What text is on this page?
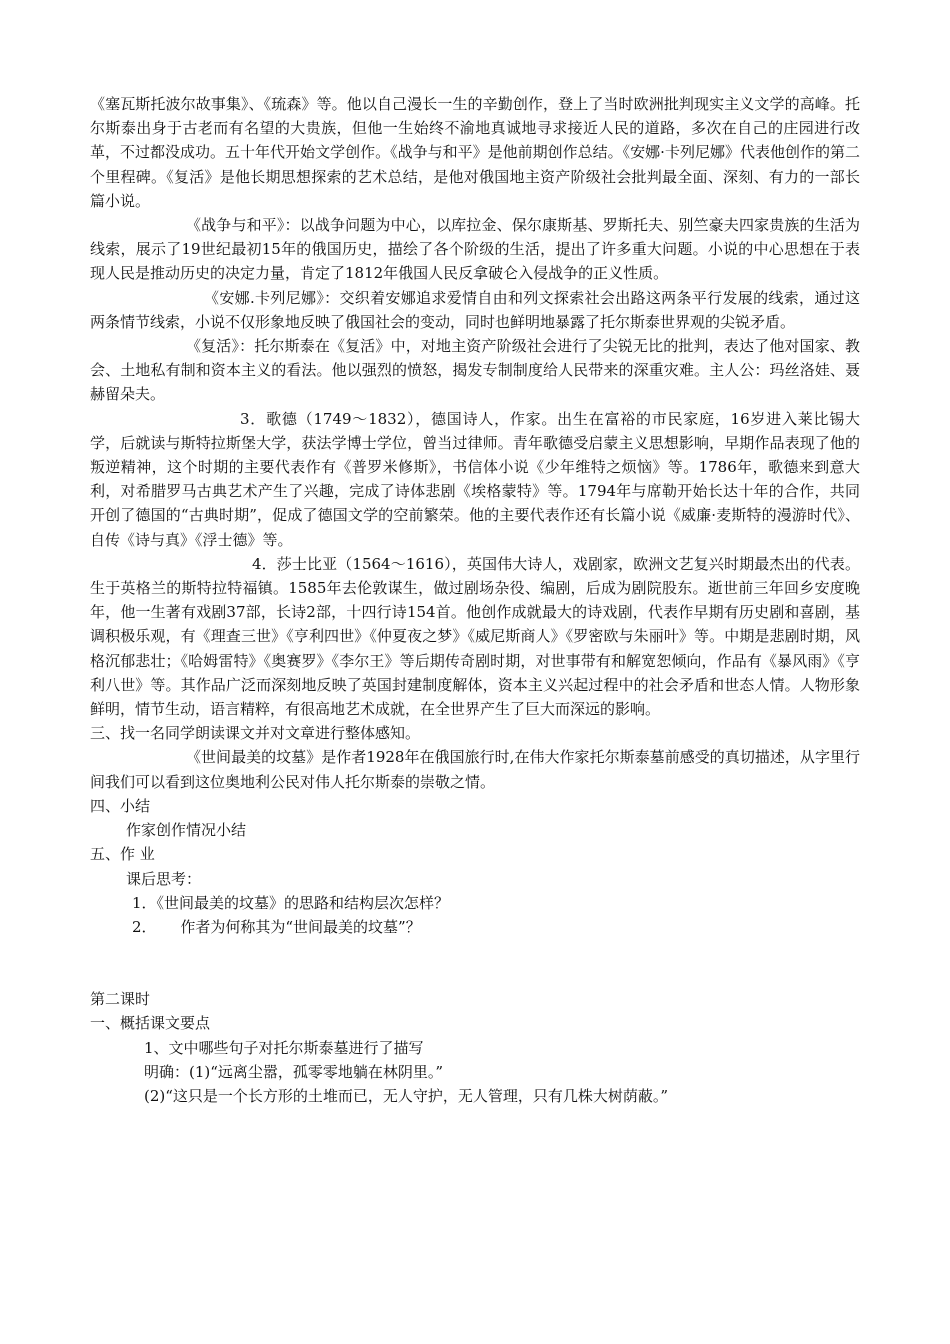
《塞瓦斯托波尔故事集》、《琉森》等。他以自己漫长一生的辛勤创作，登上了当时欧洲批判现实主义文学的高峰。托尔斯泰出身于古老而有名望的大贵族，但他一生始终不渝地真诚地寻求接近人民的道路，多次在自己的庄园进行改革，不过都没成功。五十年代开始文学创作。《战争与和平》是他前期创作总结。《安娜·卡列尼娜》代表他创作的第二个里程碑。《复活》是他长期思想探索的艺术总结，是他对俄国地主资产阶级社会批判最全面、深刻、有力的一部长篇小说。

《战争与和平》：以战争问题为中心，以库拉金、保尔康斯基、罗斯托夫、别竺豪夫四家贵族的生活为线索，展示了19世纪最初15年的俄国历史，描绘了各个阶级的生活，提出了许多重大问题。小说的中心思想在于表现人民是推动历史的决定力量，肯定了1812年俄国人民反拿破仑入侵战争的正义性质。

《安娜.卡列尼娜》：交织着安娜追求爱情自由和列文探索社会出路这两条平行发展的线索，通过这两条情节线索，小说不仅形象地反映了俄国社会的变动，同时也鲜明地暴露了托尔斯泰世界观的尖锐矛盾。

《复活》：托尔斯泰在《复活》中，对地主资产阶级社会进行了尖锐无比的批判，表达了他对国家、教会、土地私有制和资本主义的看法。他以强烈的愤怒，揭发专制制度给人民带来的深重灾难。主人公：玛丝洛娃、聂赫留朵夫。

3．歌德（1749～1832），德国诗人，作家。出生在富裕的市民家庭，16岁进入莱比锡大学，后就读与斯特拉斯堡大学，获法学博士学位，曾当过律师。青年歌德受启蒙主义思想影响，早期作品表现了他的叛逆精神，这个时期的主要代表作有《普罗米修斯》，书信体小说《少年维特之烦恼》等。1786年，歌德来到意大利，对希腊罗马古典艺术产生了兴趣，完成了诗体悲剧《埃格蒙特》等。1794年与席勒开始长达十年的合作，共同开创了德国的“古典时期”，促成了德国文学的空前繁荣。他的主要代表作还有长篇小说《威廉·麦斯特的漫游时代》、自传《诗与真》《浮士德》等。

4．莎士比亚（1564～1616），英国伟大诗人，戏剧家，欧洲文艺复兴时期最杰出的代表。生于英格兰的斯特拉特福镇。1585年去伦敦谋生，做过剧场杂役、编剧，后成为剧院股东。逝世前三年回乡安度晚年，他一生著有戏剧37部，长诗2部，十四行诗154首。他创作成就最大的诗戏剧，代表作早期有历史剧和喜剧，基调积极乐观，有《理查三世》《亨利四世》《仲夏夜之梦》《威尼斯商人》《罗密欧与朱丽叶》等。中期是悲剧时期，风格沉郁悲壮；《哈姆雷特》《奥赛罗》《李尔王》等后期传奇剧时期，对世事带有和解宽恕倾向，作品有《暴风雨》《亨利八世》等。其作品广泛而深刻地反映了英国封建制度解体，资本主义兴起过程中的社会矛盾和世态人情。人物形象鲜明，情节生动，语言精粹，有很高地艺术成就，在全世界产生了巨大而深远的影响。

三、找一名同学朗读课文并对文章进行整体感知。

《世间最美的坟墓》是作者1928年在俄国旅行时,在伟大作家托尔斯泰墓前感受的真切描述，从字里行间我们可以看到这位奥地利公民对伟人托尔斯泰的崇敬之情。

四、小结

作家创作情况小结

五、作 业

课后思考：

1．《世间最美的坟墓》的思路和结构层次怎样？

2．     作者为何称其为“世间最美的坟墓”？

第二课时

一、概括课文要点

1、文中哪些句子对托尔斯泰墓进行了描写

明确：(1)“远离尘嚣，孤零零地躺在林阴里。”

(2)“这只是一个长方形的土堆而已，无人守护，无人管理，只有几株大树荫蔽。”
